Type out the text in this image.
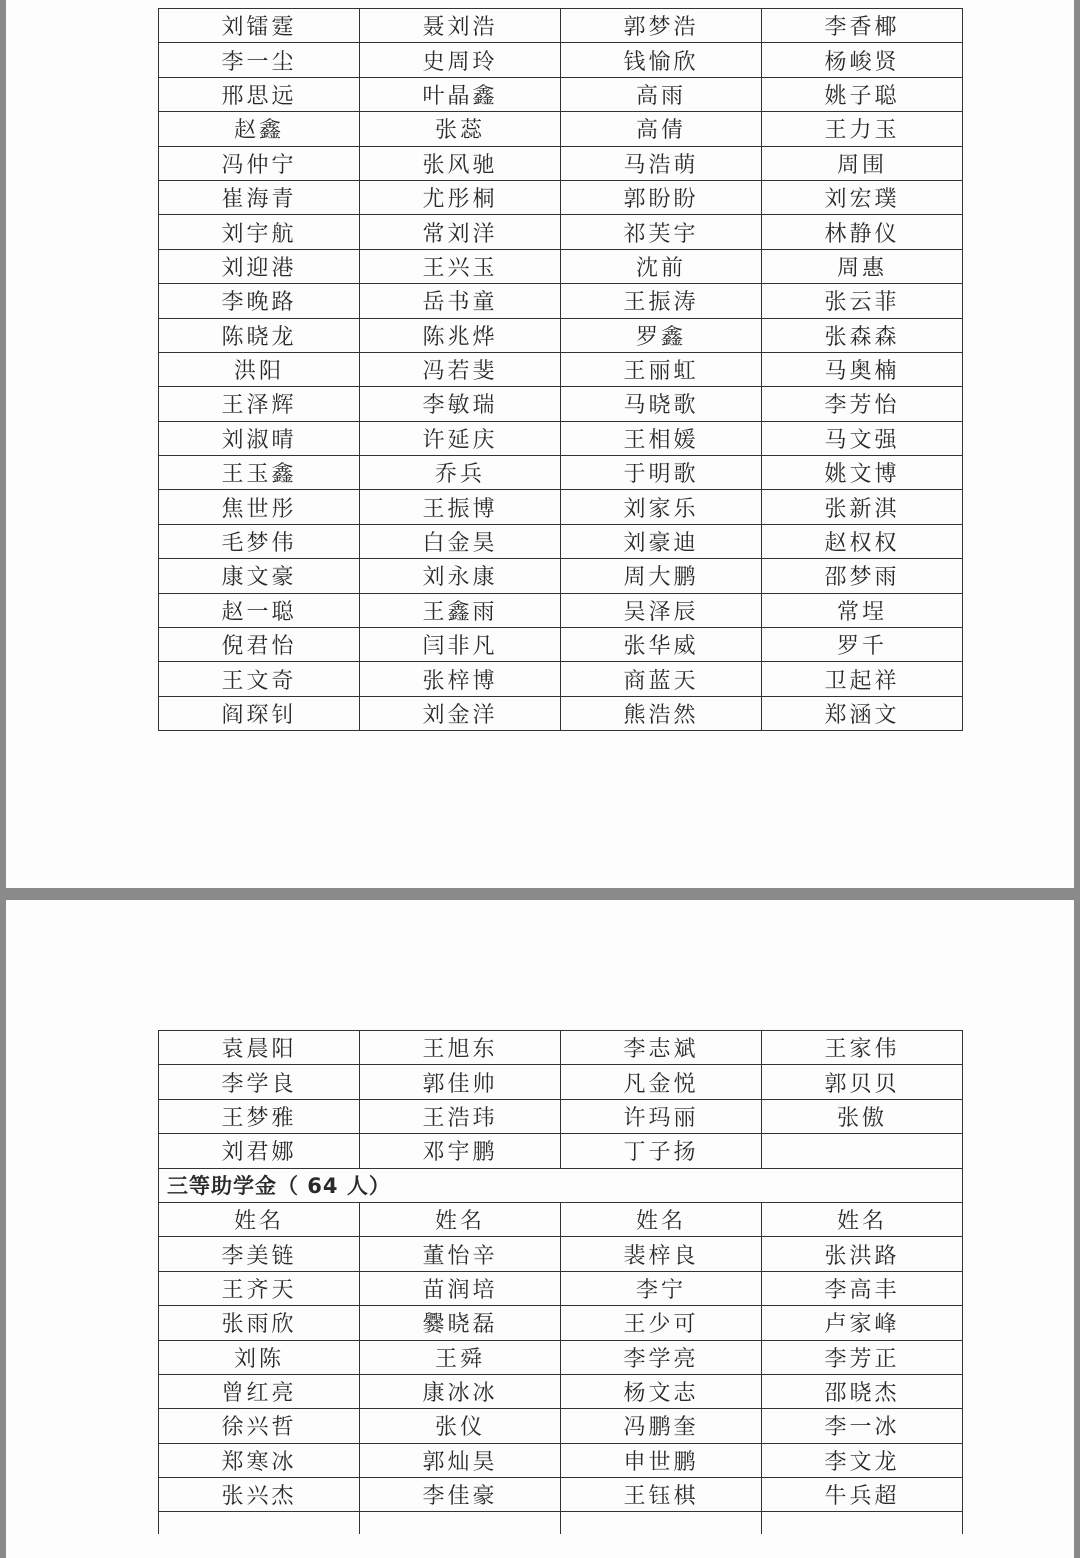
刘镭霆	聂刘浩	郭梦浩	李香椰
李一尘	史周玲	钱愉欣	杨峻贤
邢思远	叶晶鑫	高雨	姚子聪
赵鑫	张蕊	高倩	王力玉
冯仲宁	张风驰	马浩萌	周围
崔海青	尤彤桐	郭盼盼	刘宏璞
刘宇航	常刘洋	祁芙宇	林静仪
刘迎港	王兴玉	沈前	周惠
李晚路	岳书童	王振涛	张云菲
陈晓龙	陈兆烨	罗鑫	张森森
洪阳	冯若斐	王丽虹	马奥楠
王泽辉	李敏瑞	马晓歌	李芳怡
刘淑晴	许延庆	王相媛	马文强
王玉鑫	乔兵	于明歌	姚文博
焦世彤	王振博	刘家乐	张新淇
毛梦伟	白金昊	刘豪迪	赵权权
康文豪	刘永康	周大鹏	邵梦雨
赵一聪	王鑫雨	吴泽辰	常埕
倪君怡	闫非凡	张华威	罗千
王文奇	张梓博	商蓝天	卫起祥
阎琛钊	刘金洋	熊浩然	郑涵文
袁晨阳	王旭东	李志斌	王家伟
李学良	郭佳帅	凡金悦	郭贝贝
王梦雅	王浩玮	许玛丽	张傲
刘君娜	邓宇鹏	丁子扬	
三等助学金（ 64 人）			
姓名	姓名	姓名	姓名
李美链	董怡辛	裴梓良	张洪路
王齐天	苗润培	李宁	李高丰
张雨欣	爨晓磊	王少可	卢家峰
刘陈	王舜	李学亮	李芳正
曾红亮	康冰冰	杨文志	邵晓杰
徐兴哲	张仪	冯鹏奎	李一冰
郑寒冰	郭灿昊	申世鹏	李文龙
张兴杰	李佳豪	王钰棋	牛兵超
